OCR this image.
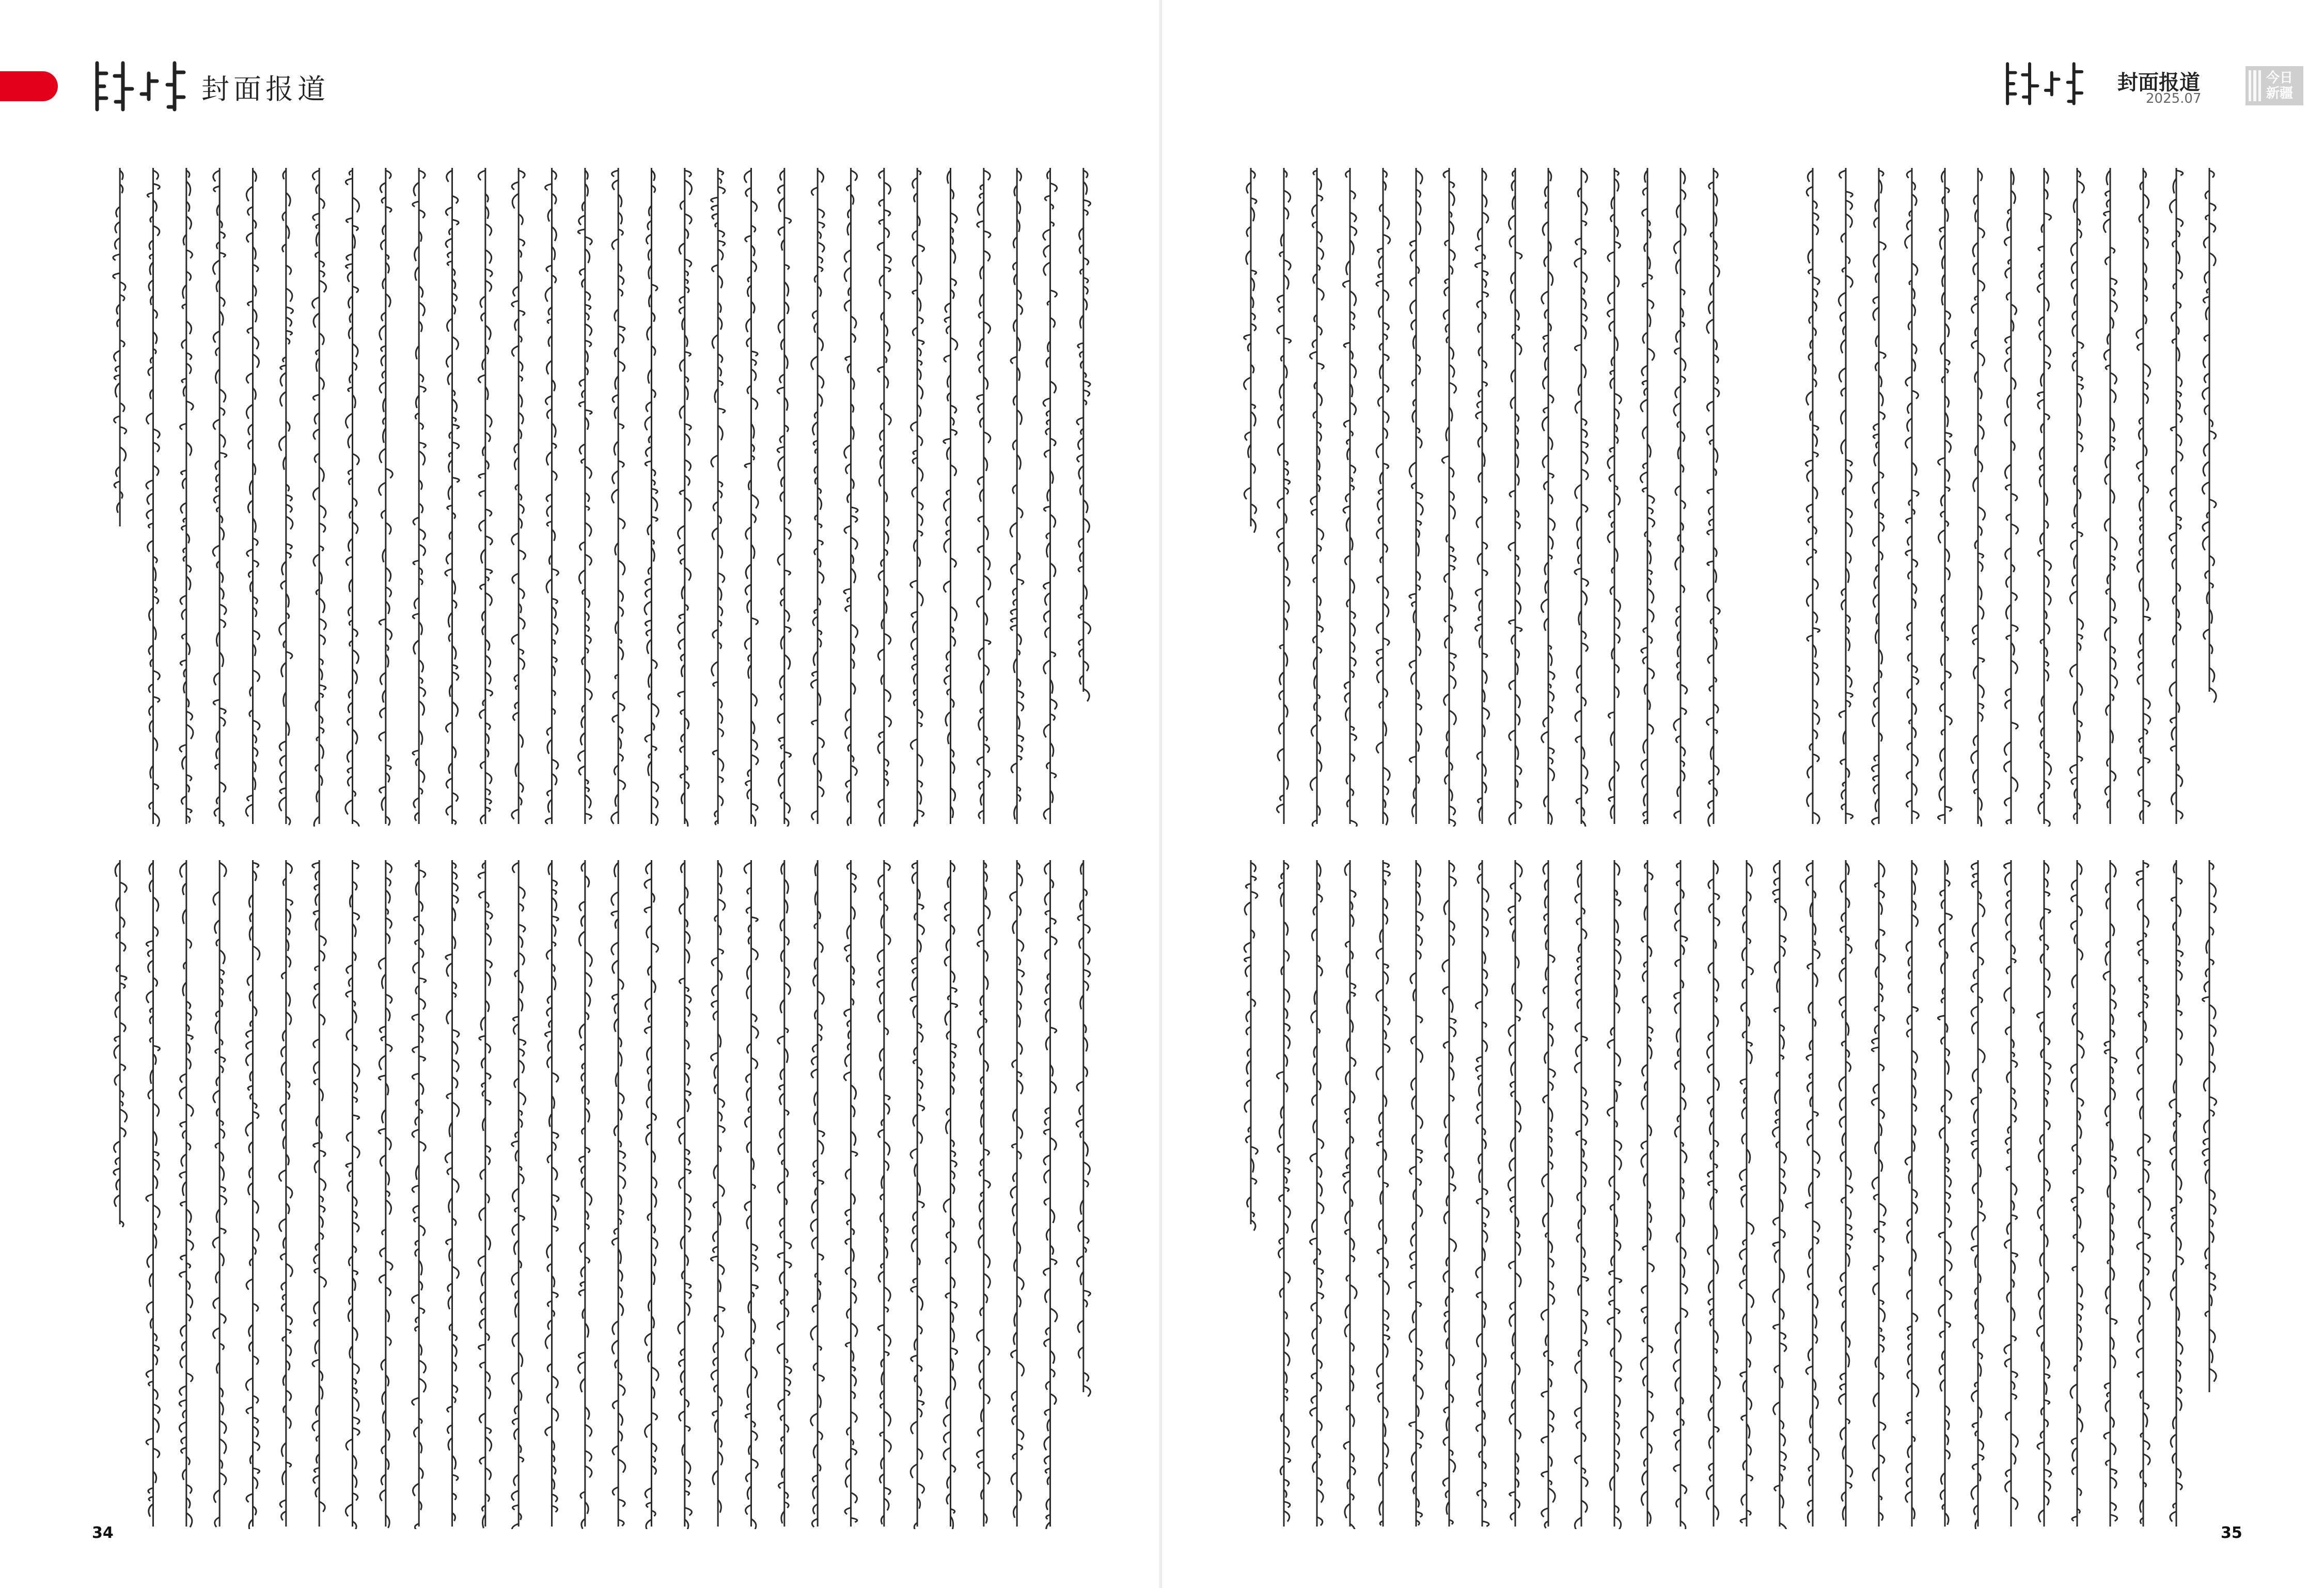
封面报道
34
封面报道
2025.07
今日新疆
35
